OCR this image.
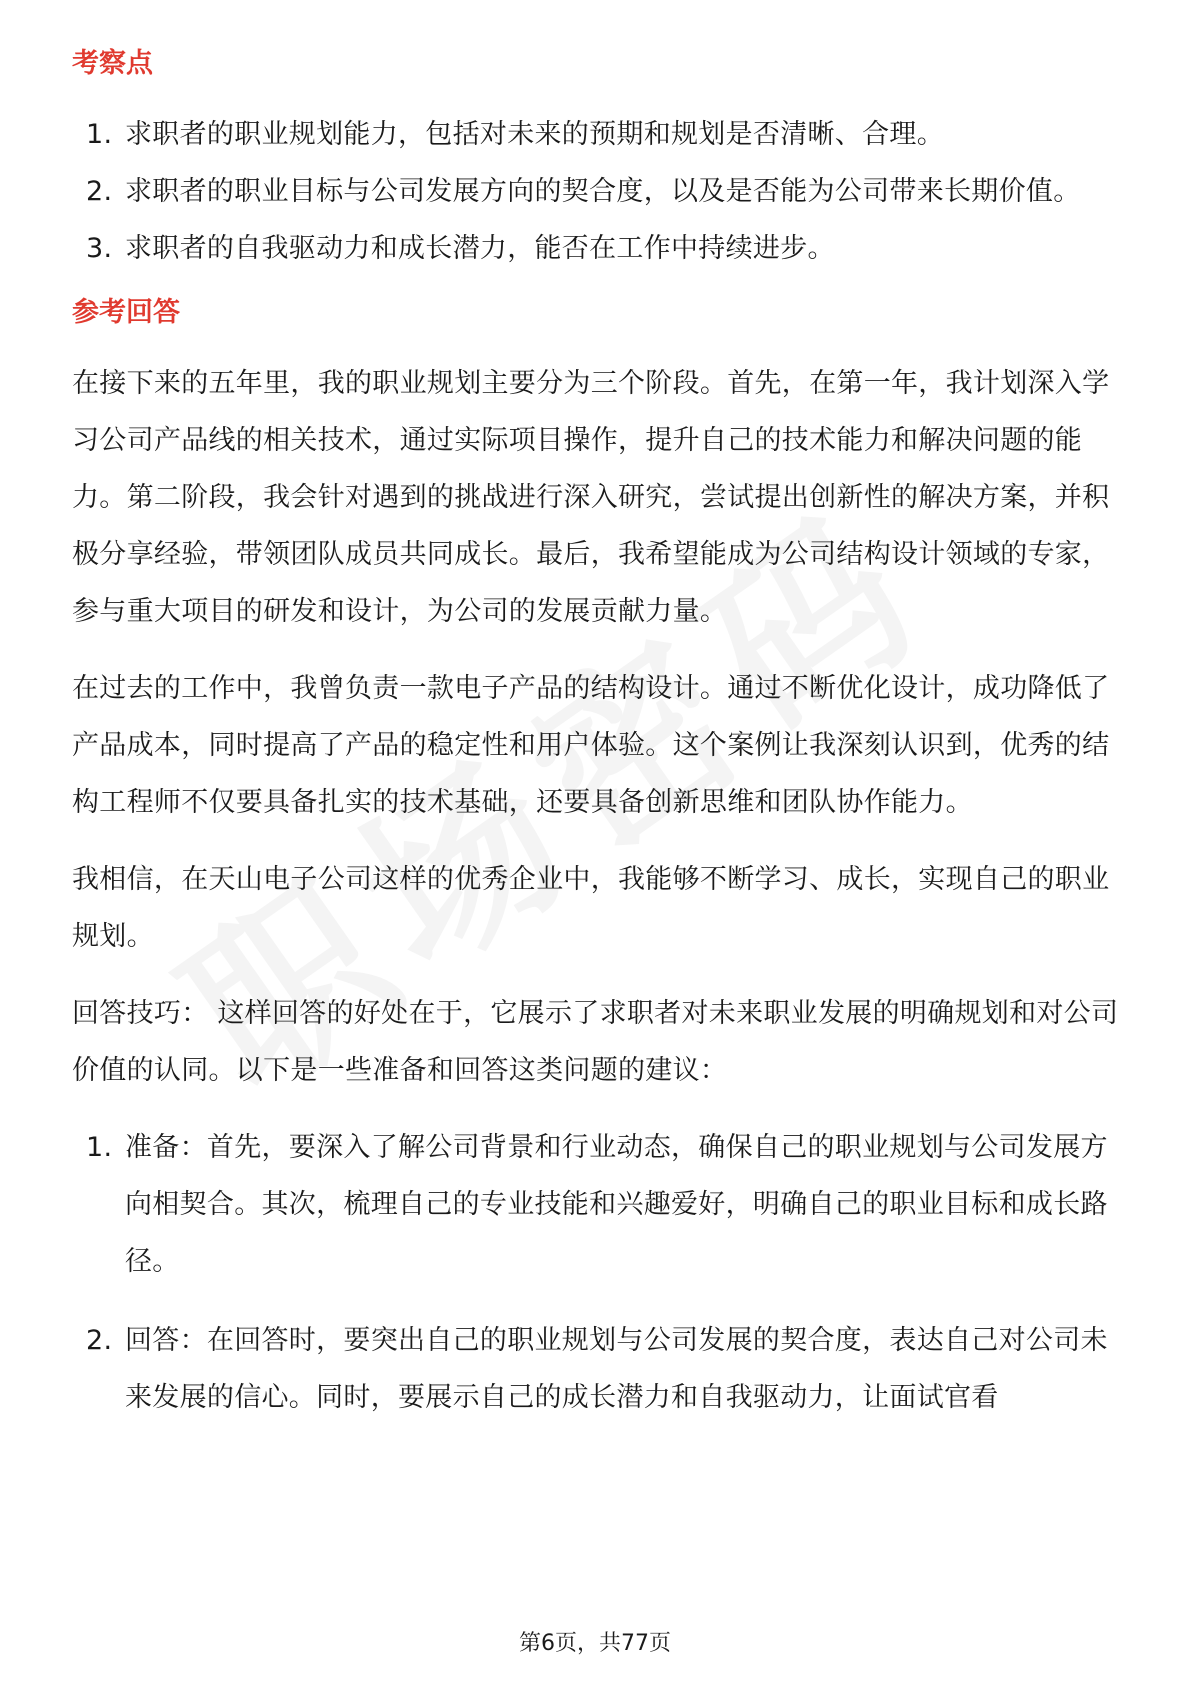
考察点
1. 求职者的职业规划能力，包括对未来的预期和规划是否清晰、合理。
2. 求职者的职业目标与公司发展方向的契合度，以及是否能为公司带来长期价值。
3. 求职者的自我驱动力和成长潜力，能否在工作中持续进步。
参考回答

在接下来的五年里，我的职业规划主要分为三个阶段。首先，在第一年，我计划深入学习公司产品线的相关技术，通过实际项目操作，提升自己的技术能力和解决问题的能力。第二阶段，我会针对遇到的挑战进行深入研究，尝试提出创新性的解决方案，并积极分享经验，带领团队成员共同成长。最后，我希望能成为公司结构设计领域的专家，参与重大项目的研发和设计，为公司的发展贡献力量。

在过去的工作中，我曾负责一款电子产品的结构设计。通过不断优化设计，成功降低了产品成本，同时提高了产品的稳定性和用户体验。这个案例让我深刻认识到，优秀的结构工程师不仅要具备扎实的技术基础，还要具备创新思维和团队协作能力。

我相信，在天山电子公司这样的优秀企业中，我能够不断学习、成长，实现自己的职业规划。

回答技巧： 这样回答的好处在于，它展示了求职者对未来职业发展的明确规划和对公司价值的认同。以下是一些准备和回答这类问题的建议：

1. 准备：首先，要深入了解公司背景和行业动态，确保自己的职业规划与公司发展方向相契合。其次，梳理自己的专业技能和兴趣爱好，明确自己的职业目标和成长路径。
2. 回答：在回答时，要突出自己的职业规划与公司发展的契合度，表达自己对公司未来发展的信心。同时，要展示自己的成长潜力和自我驱动力，让面试官看
第6页，共77页
